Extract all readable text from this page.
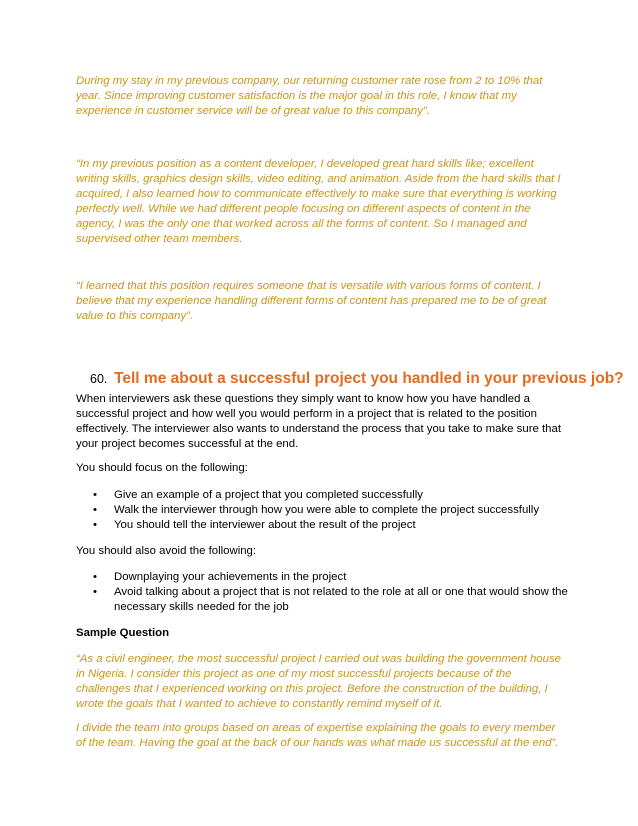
During my stay in my previous company, our returning customer rate rose from 2 to 10% that year. Since improving customer satisfaction is the major goal in this role, I know that my experience in customer service will be of great value to this company”.

“In my previous position as a content developer, I developed great hard skills like; excellent writing skills, graphics design skills, video editing, and animation. Aside from the hard skills that I acquired, I also learned how to communicate effectively to make sure that everything is working perfectly well. While we had different people focusing on different aspects of content in the agency, I was the only one that worked across all the forms of content. So I managed and supervised other team members.

“I learned that this position requires someone that is versatile with various forms of content. I believe that my experience handling different forms of content has prepared me to be of great value to this company”.

60. Tell me about a successful project you handled in your previous job?

When interviewers ask these questions they simply want to know how you have handled a successful project and how well you would perform in a project that is related to the position effectively. The interviewer also wants to understand the process that you take to make sure that your project becomes successful at the end.

You should focus on the following:

• Give an example of a project that you completed successfully
• Walk the interviewer through how you were able to complete the project successfully
• You should tell the interviewer about the result of the project

You should also avoid the following:

• Downplaying your achievements in the project
• Avoid talking about a project that is not related to the role at all or one that would show the necessary skills needed for the job

Sample Question

“As a civil engineer, the most successful project I carried out was building the government house in Nigeria. I consider this project as one of my most successful projects because of the challenges that I experienced working on this project. Before the construction of the building, I wrote the goals that I wanted to achieve to constantly remind myself of it.

I divide the team into groups based on areas of expertise explaining the goals to every member of the team. Having the goal at the back of our hands was what made us successful at the end”.
